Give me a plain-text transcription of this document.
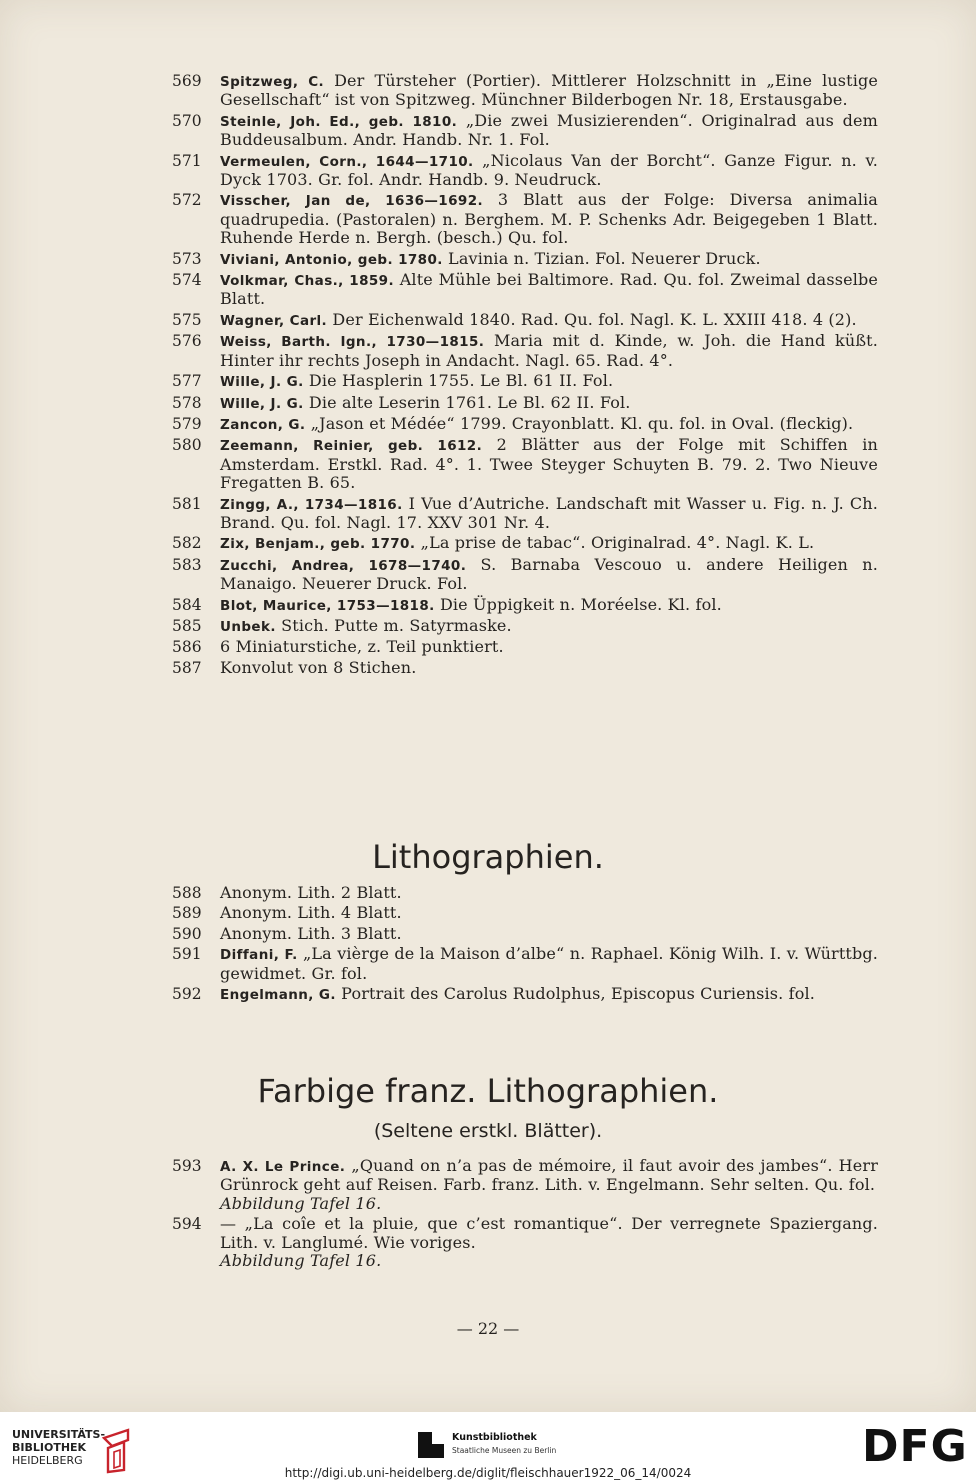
569	Spitzweg, C. Der Türsteher (Portier). Mittlerer Holzschnitt in „Eine lustige Gesellschaft“ ist von Spitzweg. Münchner Bilderbogen Nr. 18, Erstausgabe.
570	Steinle, Joh. Ed., geb. 1810. „Die zwei Musizierenden“. Originalrad aus dem Buddeusalbum. Andr. Handb. Nr. 1. Fol.
571	Vermeulen, Corn., 1644—1710. „Nicolaus Van der Borcht“. Ganze Figur. n. v. Dyck 1703. Gr. fol. Andr. Handb. 9. Neudruck.
572	Visscher, Jan de, 1636—1692. 3 Blatt aus der Folge: Diversa animalia quadrupedia. (Pastoralen) n. Berghem. M. P. Schenks Adr. Beigegeben 1 Blatt. Ruhende Herde n. Bergh. (besch.) Qu. fol.
573	Viviani, Antonio, geb. 1780. Lavinia n. Tizian. Fol. Neuerer Druck.
574	Volkmar, Chas., 1859. Alte Mühle bei Baltimore. Rad. Qu. fol. Zweimal dasselbe Blatt.
575	Wagner, Carl. Der Eichenwald 1840. Rad. Qu. fol. Nagl. K. L. XXIII 418. 4 (2).
576	Weiss, Barth. Ign., 1730—1815. Maria mit d. Kinde, w. Joh. die Hand küßt. Hinter ihr rechts Joseph in Andacht. Nagl. 65. Rad. 4°.
577	Wille, J. G. Die Hasplerin 1755. Le Bl. 61 II. Fol.
578	Wille, J. G. Die alte Leserin 1761. Le Bl. 62 II. Fol.
579	Zancon, G. „Jason et Médée“ 1799. Crayonblatt. Kl. qu. fol. in Oval. (fleckig).
580	Zeemann, Reinier, geb. 1612. 2 Blätter aus der Folge mit Schiffen in Amsterdam. Erstkl. Rad. 4°. 1. Twee Steyger Schuyten B. 79. 2. Two Nieuve Fregatten B. 65.
581	Zingg, A., 1734—1816. I Vue d’Autriche. Landschaft mit Wasser u. Fig. n. J. Ch. Brand. Qu. fol. Nagl. 17. XXV 301 Nr. 4.
582	Zix, Benjam., geb. 1770. „La prise de tabac“. Originalrad. 4°. Nagl. K. L.
583	Zucchi, Andrea, 1678—1740. S. Barnaba Vescouo u. andere Heiligen n. Manaigo. Neuerer Druck. Fol.
584	Blot, Maurice, 1753—1818. Die Üppigkeit n. Moréelse. Kl. fol.
585	Unbek. Stich. Putte m. Satyrmaske.
586	6 Miniaturstiche, z. Teil punktiert.
587	Konvolut von 8 Stichen.
Lithographien.
588	Anonym. Lith. 2 Blatt.
589	Anonym. Lith. 4 Blatt.
590	Anonym. Lith. 3 Blatt.
591	Diffani, F. „La vièrge de la Maison d’albe“ n. Raphael. König Wilh. I. v. Württbg. gewidmet. Gr. fol.
592	Engelmann, G. Portrait des Carolus Rudolphus, Episcopus Curiensis. fol.
Farbige franz. Lithographien.
(Seltene erstkl. Blätter).
593	A. X. Le Prince. „Quand on n’a pas de mémoire, il faut avoir des jambes“. Herr Grünrock geht auf Reisen. Farb. franz. Lith. v. Engelmann. Sehr selten. Qu. fol.
Abbildung Tafel 16.
594	— „La coîe et la pluie, que c’est romantique“. Der verregnete Spaziergang. Lith. v. Langlumé. Wie voriges.
Abbildung Tafel 16.
— 22 —
UNIVERSITÄTS-
BIBLIOTHEK
HEIDELBERG
Kunstbibliothek
Staatliche Museen zu Berlin	DFG
http://digi.ub.uni-heidelberg.de/diglit/fleischhauer1922_06_14/0024
